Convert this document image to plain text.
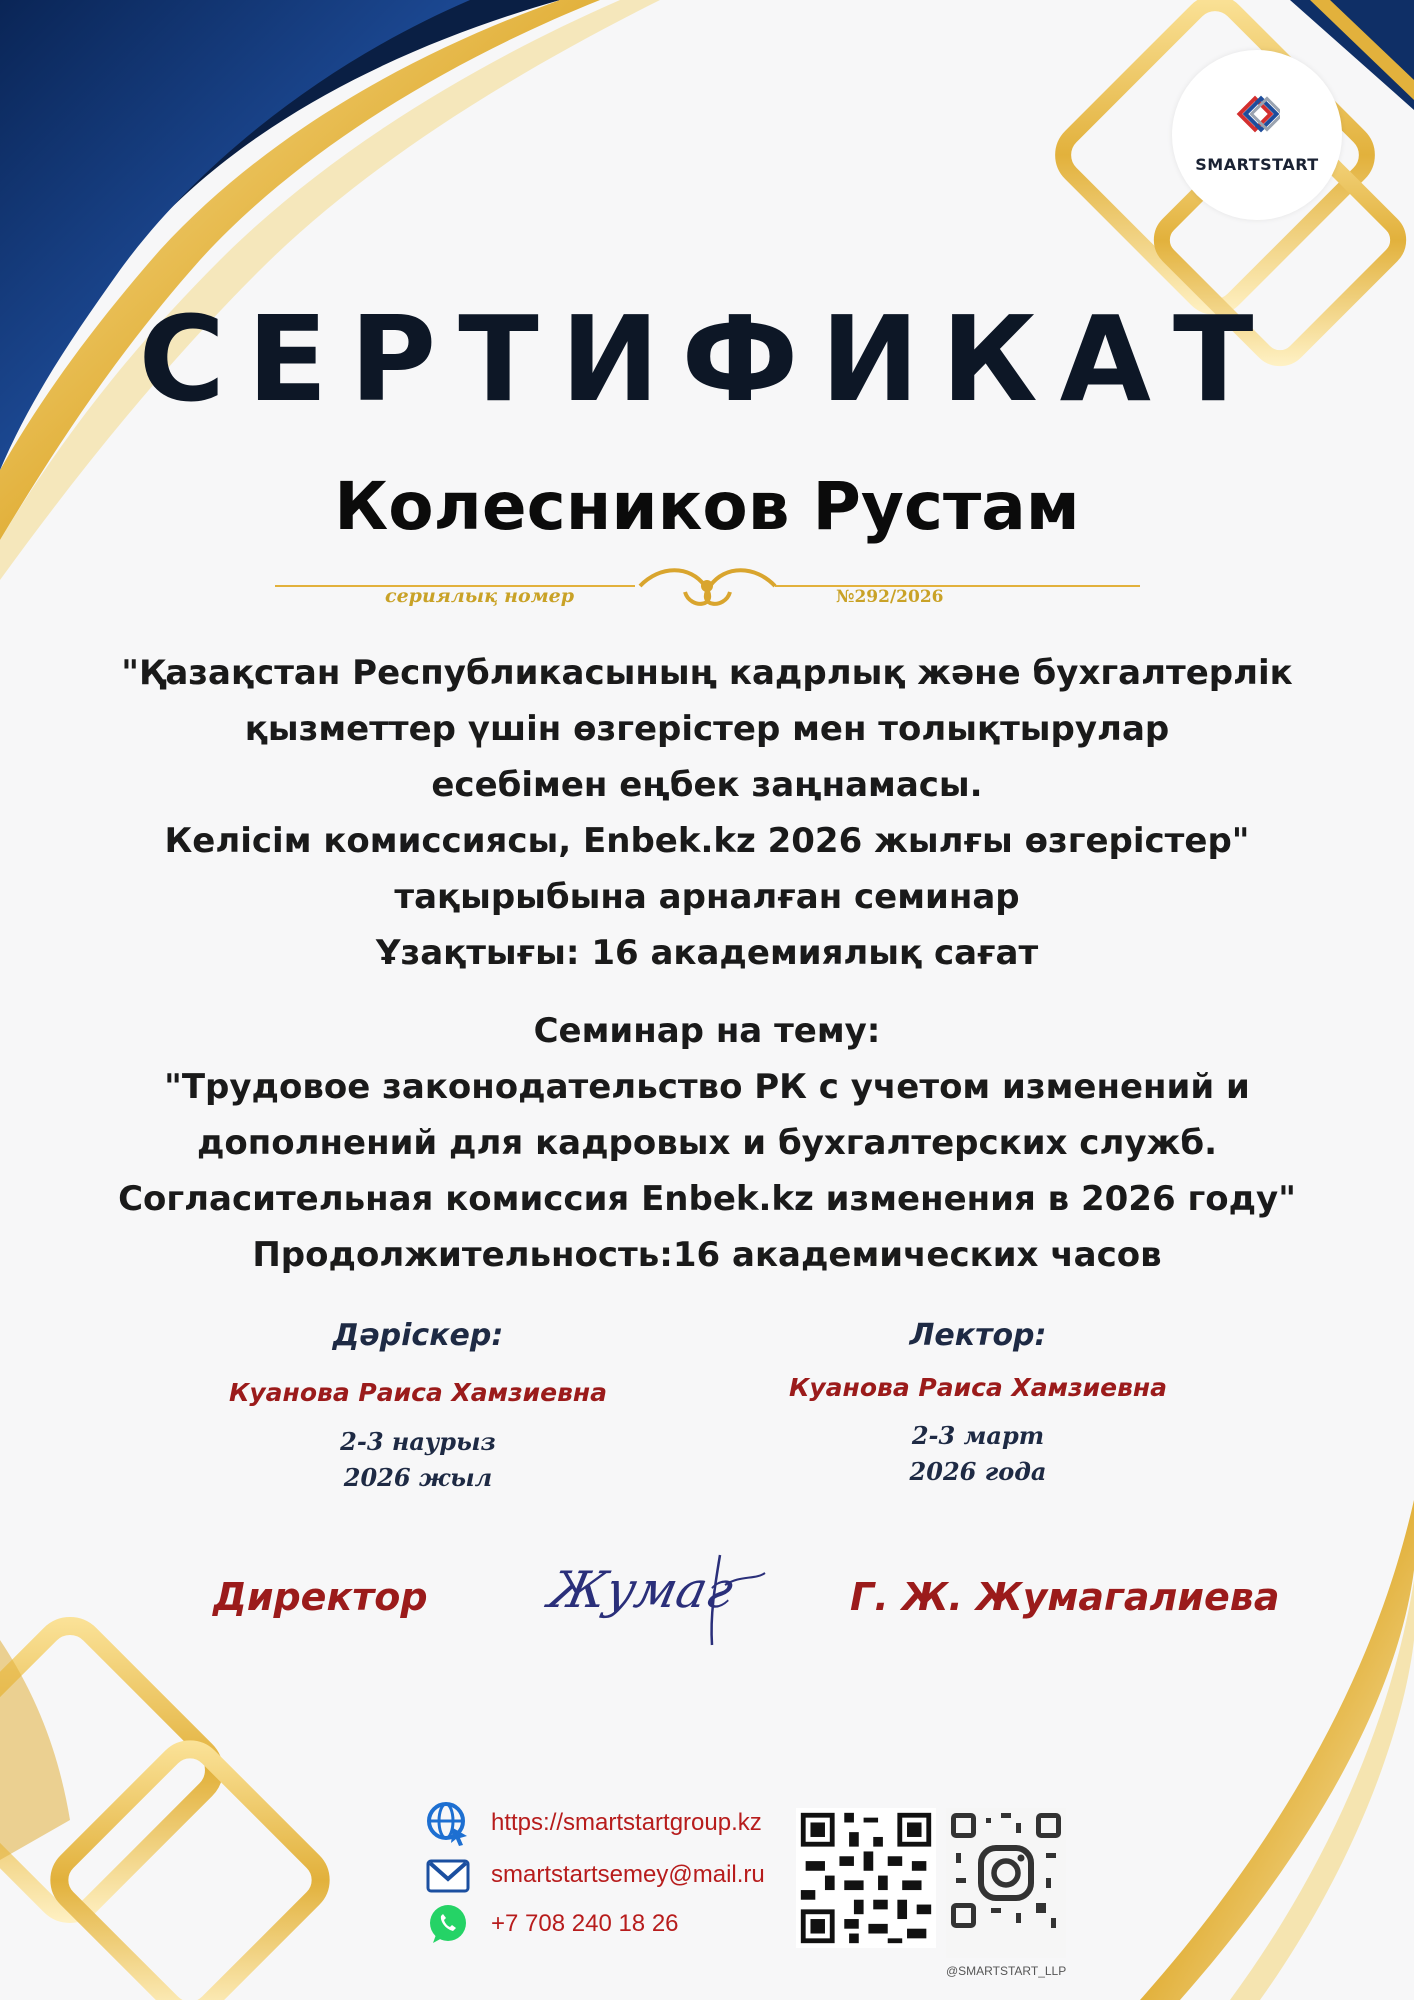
SMARTSTART
СЕРТИФИКАТ
Колесников Рустам
сериялық номер	№292/2026
"Қазақстан Республикасының кадрлық және бухгалтерлік
қызметтер үшін өзгерістер мен толықтырулар
есебімен еңбек заңнамасы.
Келісім комиссиясы, Enbek.kz 2026 жылғы өзгерістер"
тақырыбына арналған семинар
Ұзақтығы: 16 академиялық сағат
Семинар на тему:
"Трудовое законодательство РК с учетом изменений и
дополнений для кадровых и бухгалтерских служб.
Согласительная комиссия Enbek.kz изменения в 2026 году"
Продолжительность:16 академических часов
Дәрiскер:
Куанова Раиса Хамзиевна
2-3 наурыз
2026 жыл
Лектор:
Куанова Раиса Хамзиевна
2-3 март
2026 года
Директор Жумаг	Г. Ж. Жумагалиева
https://smartstartgroup.kz
smartstartsemey@mail.ru
+7 708 240 18 26
@SMARTSTART_LLP
